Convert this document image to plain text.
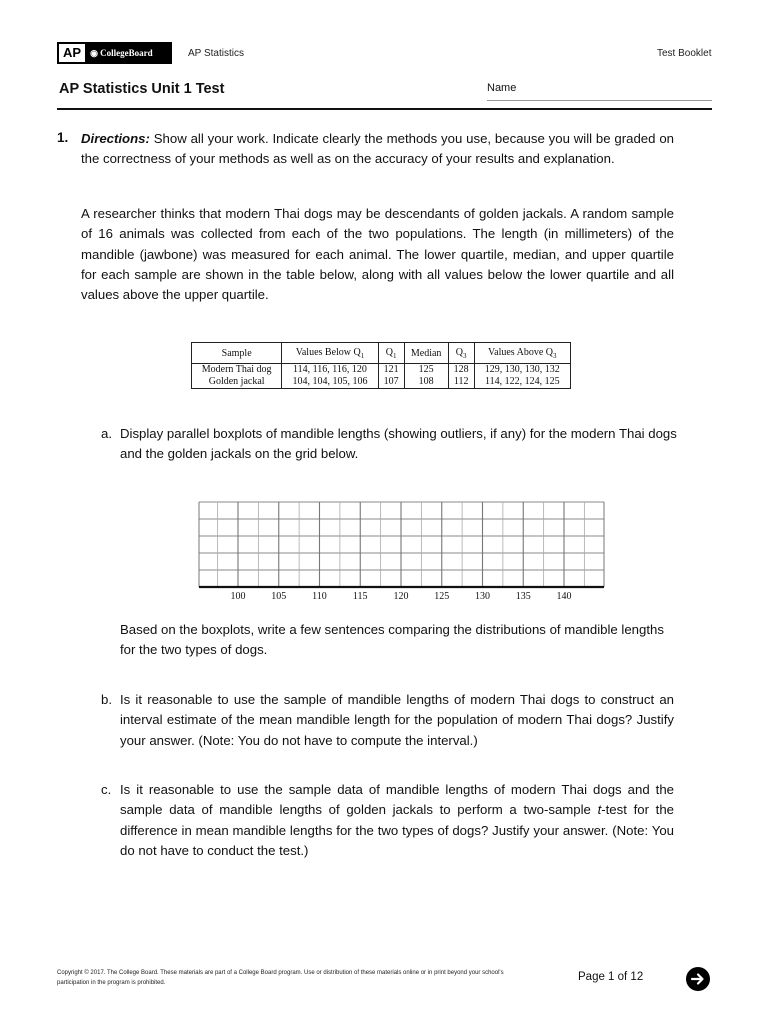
AP	◉ CollegeBoard	AP Statistics	Test Booklet
AP Statistics Unit 1 Test	Name
1. Directions: Show all your work. Indicate clearly the methods you use, because you will be graded on the correctness of your methods as well as on the accuracy of your results and explanation.
A researcher thinks that modern Thai dogs may be descendants of golden jackals. A random sample of 16 animals was collected from each of the two populations. The length (in millimeters) of the mandible (jawbone) was measured for each animal. The lower quartile, median, and upper quartile for each sample are shown in the table below, along with all values below the lower quartile and all values above the upper quartile.
Sample	Values Below $Q_1$	$Q_1$	Median	$Q_3$	Values Above $Q_3$
Modern Thai dog	114, 116, 116, 120	121	125	128	129, 130, 130, 132
Golden jackal	104, 104, 105, 106	107	108	112	114, 122, 124, 125
a. Display parallel boxplots of mandible lengths (showing outliers, if any) for the modern Thai dogs and the golden jackals on the grid below.
100	105	110	115	120	125	130	135	140
Based on the boxplots, write a few sentences comparing the distributions of mandible lengths for the two types of dogs.
b. Is it reasonable to use the sample of mandible lengths of modern Thai dogs to construct an interval estimate of the mean mandible length for the population of modern Thai dogs? Justify your answer. (Note: You do not have to compute the interval.)
c. Is it reasonable to use the sample data of mandible lengths of modern Thai dogs and the sample data of mandible lengths of golden jackals to perform a two-sample t-test for the difference in mean mandible lengths for the two types of dogs? Justify your answer. (Note: You do not have to conduct the test.)
Copyright © 2017. The College Board. These materials are part of a College Board program. Use or distribution of these materials online or in print beyond your school's participation in the program is prohibited.	Page 1 of 12
